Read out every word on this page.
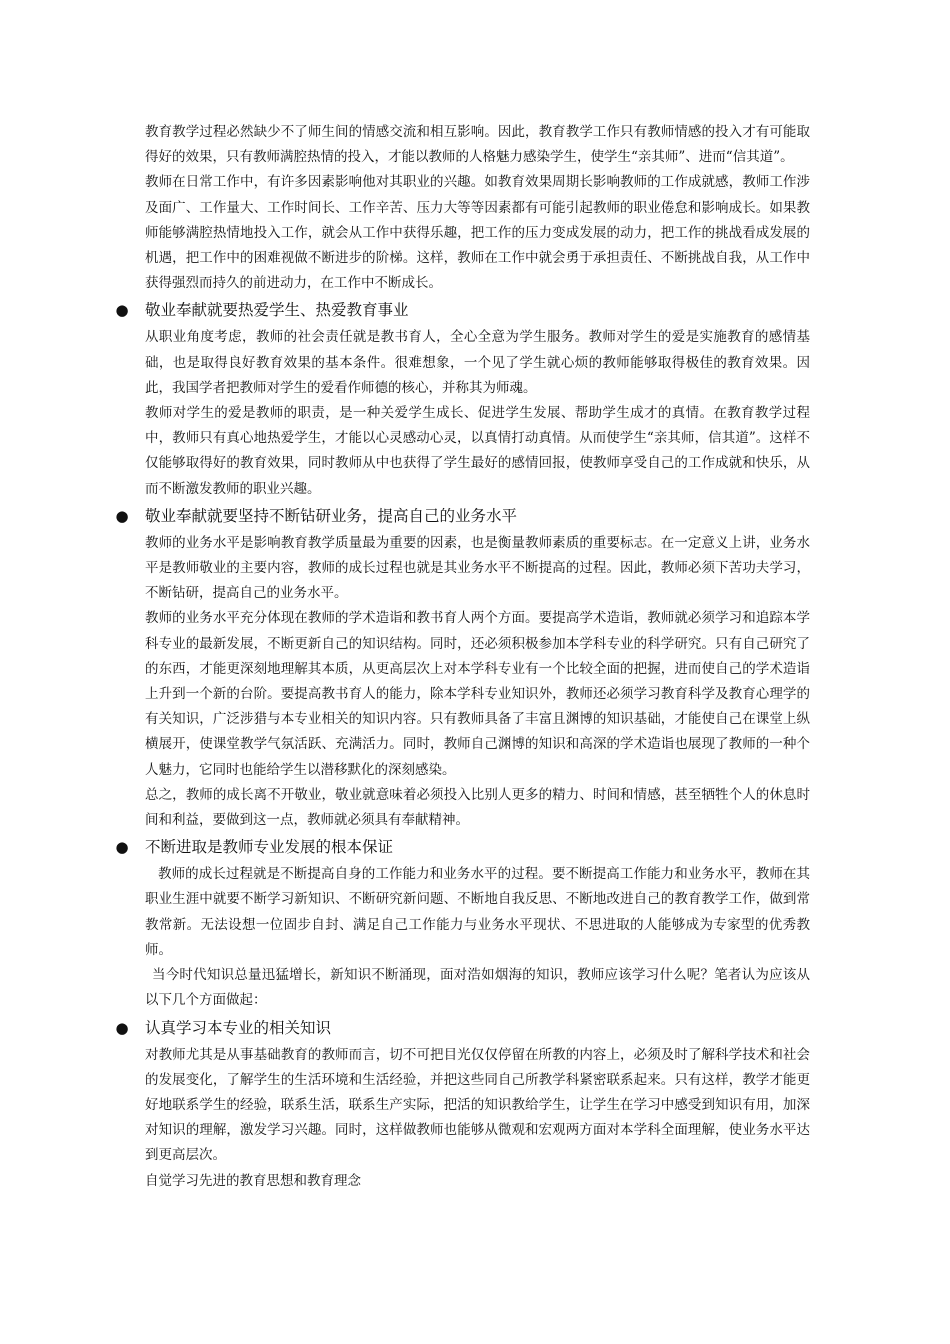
教育教学过程必然缺少不了师生间的情感交流和相互影响。因此，教育教学工作只有教师情感的投入才有可能取得好的效果，只有教师满腔热情的投入，才能以教师的人格魅力感染学生，使学生“亲其师”、进而“信其道”。

教师在日常工作中，有许多因素影响他对其职业的兴趣。如教育效果周期长影响教师的工作成就感，教师工作涉及面广、工作量大、工作时间长、工作辛苦、压力大等等因素都有可能引起教师的职业倦怠和影响成长。如果教师能够满腔热情地投入工作，就会从工作中获得乐趣，把工作的压力变成发展的动力，把工作的挑战看成发展的机遇，把工作中的困难视做不断进步的阶梯。这样，教师在工作中就会勇于承担责任、不断挑战自我，从工作中获得强烈而持久的前进动力，在工作中不断成长。

● 敬业奉献就要热爱学生、热爱教育事业

从职业角度考虑，教师的社会责任就是教书育人，全心全意为学生服务。教师对学生的爱是实施教育的感情基础，也是取得良好教育效果的基本条件。很难想象，一个见了学生就心烦的教师能够取得极佳的教育效果。因此，我国学者把教师对学生的爱看作师德的核心，并称其为师魂。

教师对学生的爱是教师的职责，是一种关爱学生成长、促进学生发展、帮助学生成才的真情。在教育教学过程中，教师只有真心地热爱学生，才能以心灵感动心灵，以真情打动真情。从而使学生“亲其师，信其道”。这样不仅能够取得好的教育效果，同时教师从中也获得了学生最好的感情回报，使教师享受自己的工作成就和快乐，从而不断激发教师的职业兴趣。

● 敬业奉献就要坚持不断钻研业务，提高自己的业务水平

教师的业务水平是影响教育教学质量最为重要的因素，也是衡量教师素质的重要标志。在一定意义上讲，业务水平是教师敬业的主要内容，教师的成长过程也就是其业务水平不断提高的过程。因此，教师必须下苦功夫学习，不断钻研，提高自己的业务水平。

教师的业务水平充分体现在教师的学术造诣和教书育人两个方面。要提高学术造诣，教师就必须学习和追踪本学科专业的最新发展，不断更新自己的知识结构。同时，还必须积极参加本学科专业的科学研究。只有自己研究了的东西，才能更深刻地理解其本质，从更高层次上对本学科专业有一个比较全面的把握，进而使自己的学术造诣上升到一个新的台阶。要提高教书育人的能力，除本学科专业知识外，教师还必须学习教育科学及教育心理学的有关知识，广泛涉猎与本专业相关的知识内容。只有教师具备了丰富且渊博的知识基础，才能使自己在课堂上纵横展开，使课堂教学气氛活跃、充满活力。同时，教师自己渊博的知识和高深的学术造诣也展现了教师的一种个人魅力，它同时也能给学生以潜移默化的深刻感染。

总之，教师的成长离不开敬业，敬业就意味着必须投入比别人更多的精力、时间和情感，甚至牺牲个人的休息时间和利益，要做到这一点，教师就必须具有奉献精神。

● 不断进取是教师专业发展的根本保证

教师的成长过程就是不断提高自身的工作能力和业务水平的过程。要不断提高工作能力和业务水平，教师在其职业生涯中就要不断学习新知识、不断研究新问题、不断地自我反思、不断地改进自己的教育教学工作，做到常教常新。无法设想一位固步自封、满足自己工作能力与业务水平现状、不思进取的人能够成为专家型的优秀教师。

当今时代知识总量迅猛增长，新知识不断涌现，面对浩如烟海的知识，教师应该学习什么呢？笔者认为应该从以下几个方面做起：

● 认真学习本专业的相关知识

对教师尤其是从事基础教育的教师而言，切不可把目光仅仅停留在所教的内容上，必须及时了解科学技术和社会的发展变化，了解学生的生活环境和生活经验，并把这些同自己所教学科紧密联系起来。只有这样，教学才能更好地联系学生的经验，联系生活，联系生产实际，把活的知识教给学生，让学生在学习中感受到知识有用，加深对知识的理解，激发学习兴趣。同时，这样做教师也能够从微观和宏观两方面对本学科全面理解，使业务水平达到更高层次。

自觉学习先进的教育思想和教育理念
